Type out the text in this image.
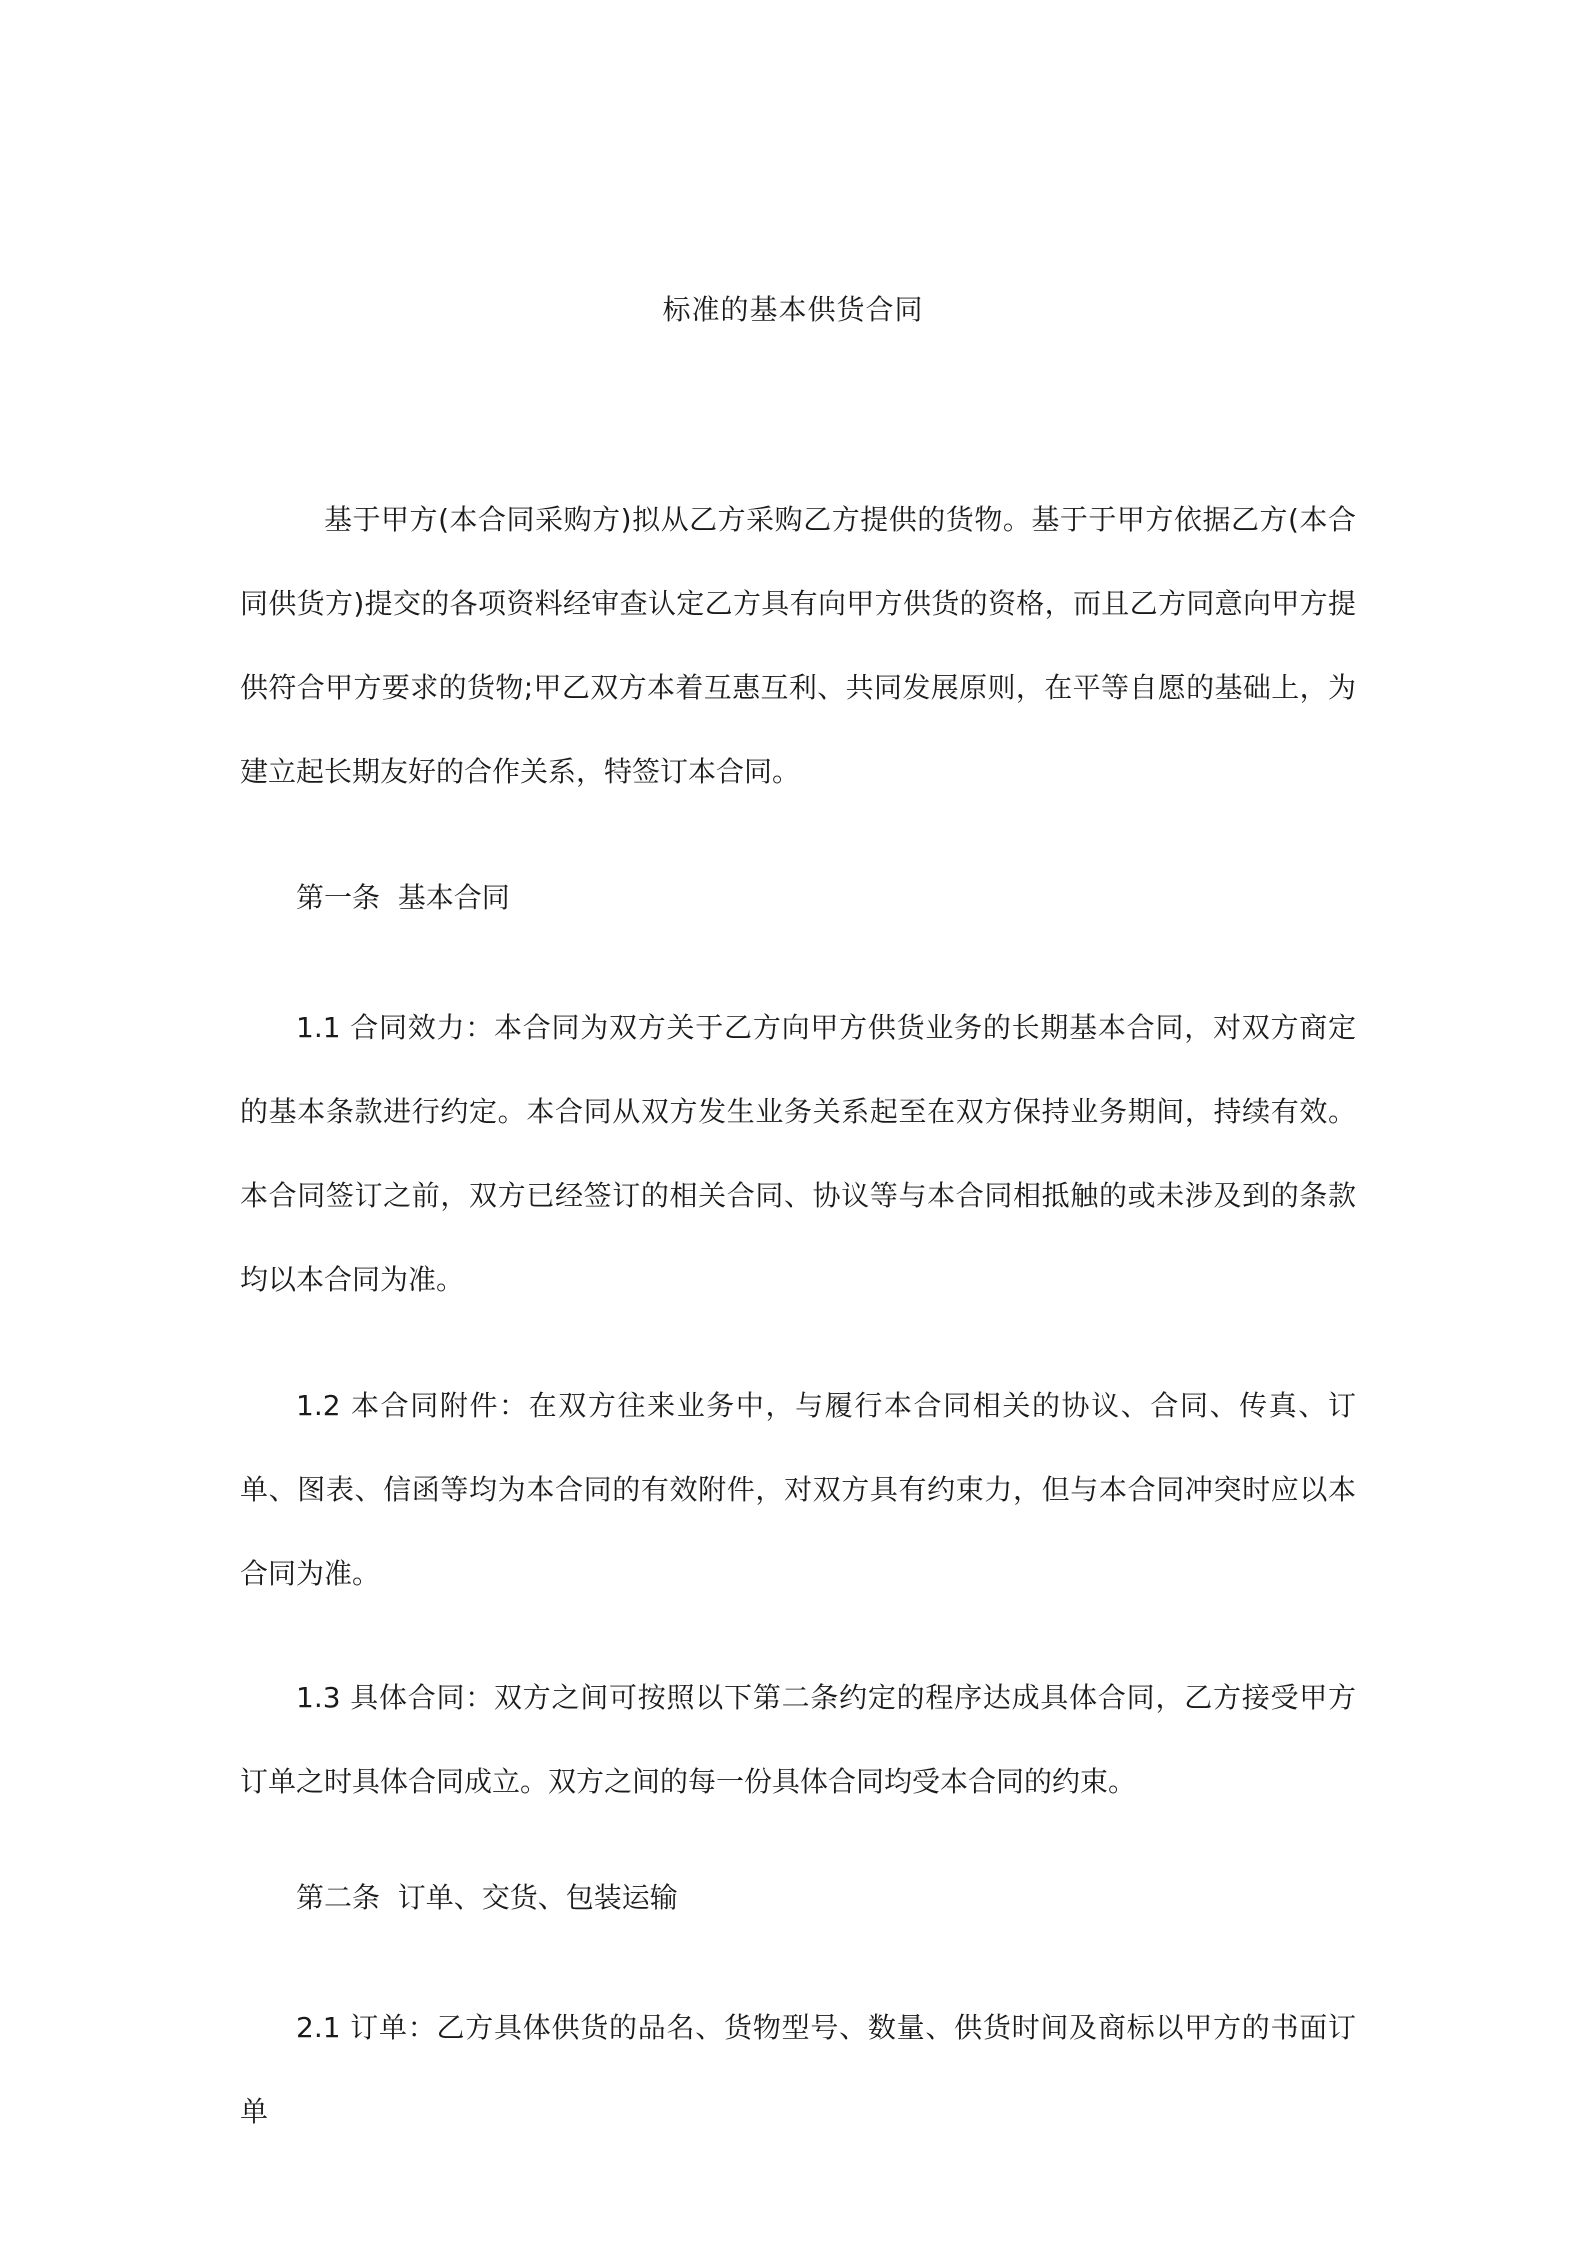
标准的基本供货合同

基于甲方(本合同采购方)拟从乙方采购乙方提供的货物。基于于甲方依据乙方(本合同供货方)提交的各项资料经审查认定乙方具有向甲方供货的资格，而且乙方同意向甲方提供符合甲方要求的货物;甲乙双方本着互惠互利、共同发展原则，在平等自愿的基础上，为建立起长期友好的合作关系，特签订本合同。

第一条  基本合同

1.1 合同效力：本合同为双方关于乙方向甲方供货业务的长期基本合同，对双方商定的基本条款进行约定。本合同从双方发生业务关系起至在双方保持业务期间，持续有效。本合同签订之前，双方已经签订的相关合同、协议等与本合同相抵触的或未涉及到的条款均以本合同为准。

1.2 本合同附件：在双方往来业务中，与履行本合同相关的协议、合同、传真、订单、图表、信函等均为本合同的有效附件，对双方具有约束力，但与本合同冲突时应以本合同为准。

1.3 具体合同：双方之间可按照以下第二条约定的程序达成具体合同，乙方接受甲方订单之时具体合同成立。双方之间的每一份具体合同均受本合同的约束。

第二条  订单、交货、包装运输

2.1 订单：乙方具体供货的品名、货物型号、数量、供货时间及商标以甲方的书面订单
